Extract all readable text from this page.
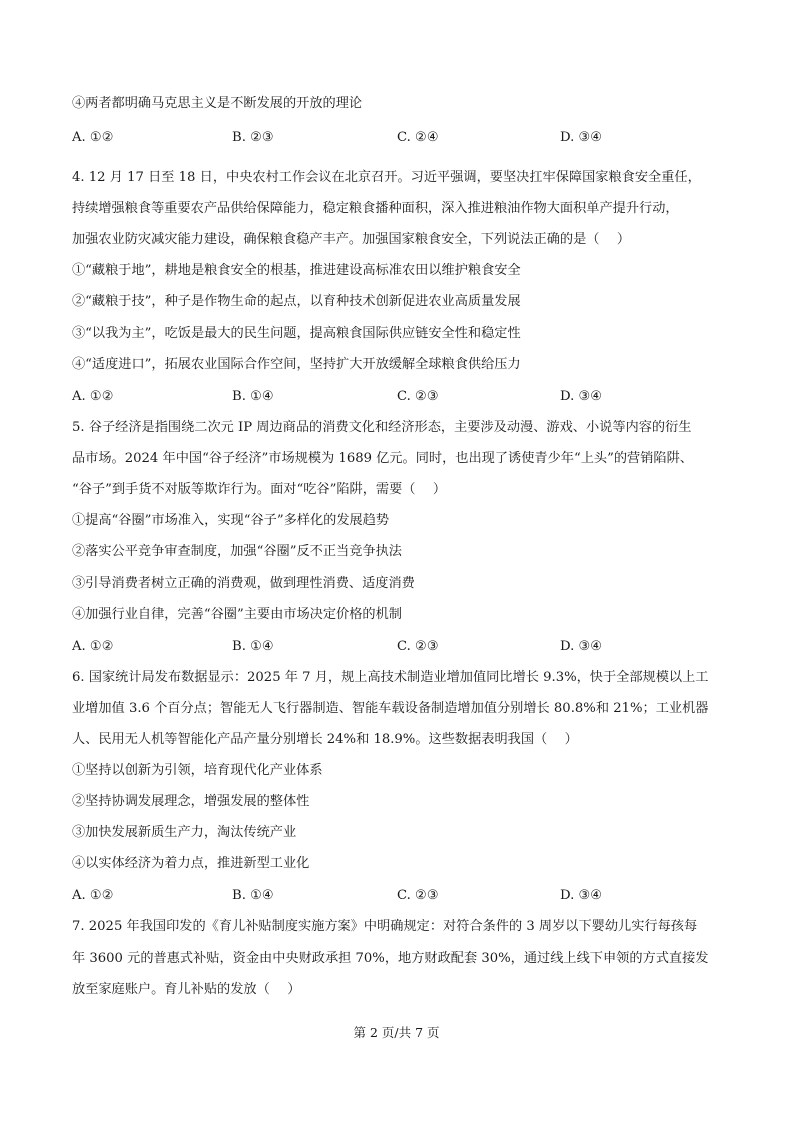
④两者都明确马克思主义是不断发展的开放的理论
A. ①②	B. ②③	C. ②④	D. ③④
4. 12 月 17 日至 18 日，中央农村工作会议在北京召开。习近平强调，要坚决扛牢保障国家粮食安全重任，
持续增强粮食等重要农产品供给保障能力，稳定粮食播种面积，深入推进粮油作物大面积单产提升行动，
加强农业防灾减灾能力建设，确保粮食稳产丰产。加强国家粮食安全，下列说法正确的是（　 ）
①“藏粮于地”，耕地是粮食安全的根基，推进建设高标准农田以维护粮食安全
②“藏粮于技”，种子是作物生命的起点，以育种技术创新促进农业高质量发展
③“以我为主”，吃饭是最大的民生问题，提高粮食国际供应链安全性和稳定性
④“适度进口”，拓展农业国际合作空间，坚持扩大开放缓解全球粮食供给压力
A. ①②	B. ①④	C. ②③	D. ③④
5. 谷子经济是指围绕二次元 IP 周边商品的消费文化和经济形态，主要涉及动漫、游戏、小说等内容的衍生
品市场。2024 年中国“谷子经济”市场规模为 1689 亿元。同时，也出现了诱使青少年“上头”的营销陷阱、
“谷子”到手货不对版等欺诈行为。面对“吃谷”陷阱，需要（　 ）
①提高“谷圈”市场准入，实现“谷子”多样化的发展趋势
②落实公平竞争审查制度，加强“谷圈”反不正当竞争执法
③引导消费者树立正确的消费观，做到理性消费、适度消费
④加强行业自律，完善“谷圈”主要由市场决定价格的机制
A. ①②	B. ①④	C. ②③	D. ③④
6. 国家统计局发布数据显示：2025 年 7 月，规上高技术制造业增加值同比增长 9.3%，快于全部规模以上工
业增加值 3.6 个百分点；智能无人飞行器制造、智能车载设备制造增加值分别增长 80.8%和 21%；工业机器
人、民用无人机等智能化产品产量分别增长 24%和 18.9%。这些数据表明我国（　 ）
①坚持以创新为引领，培育现代化产业体系
②坚持协调发展理念，增强发展的整体性
③加快发展新质生产力，淘汰传统产业
④以实体经济为着力点，推进新型工业化
A. ①②	B. ①④	C. ②③	D. ③④
7. 2025 年我国印发的《育儿补贴制度实施方案》中明确规定：对符合条件的 3 周岁以下婴幼儿实行每孩每
年 3600 元的普惠式补贴，资金由中央财政承担 70%，地方财政配套 30%，通过线上线下申领的方式直接发
放至家庭账户。育儿补贴的发放（　 ）
第 2 页/共 7 页
